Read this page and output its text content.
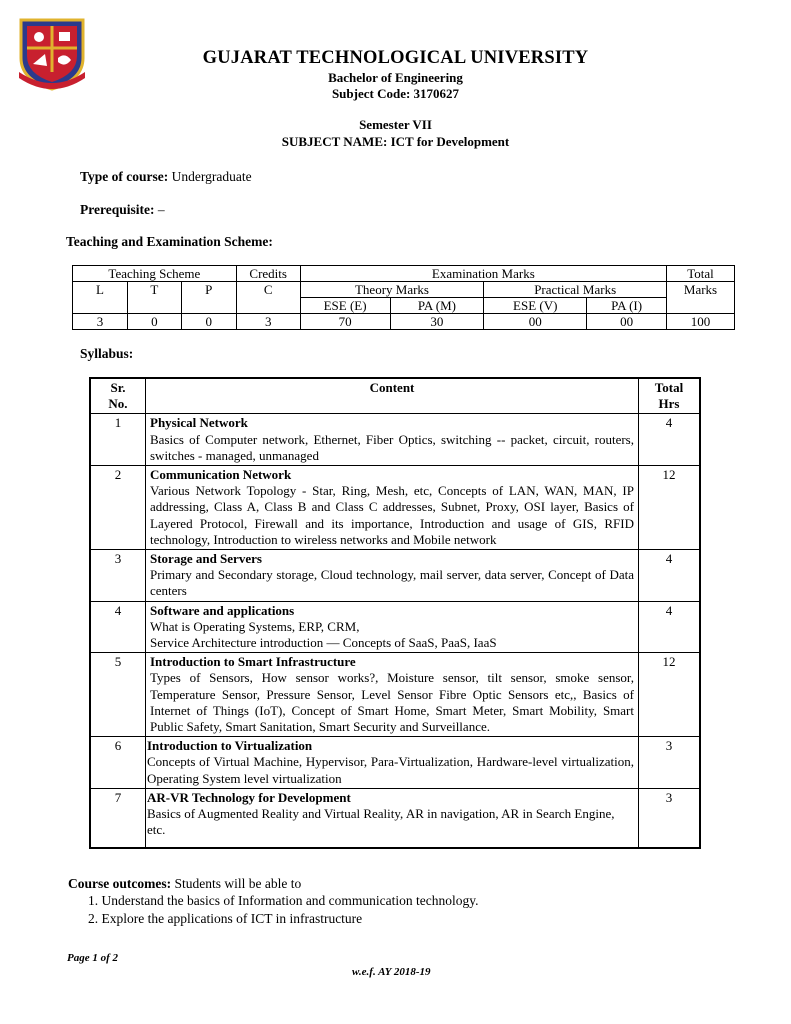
GUJARAT TECHNOLOGICAL UNIVERSITY
Bachelor of Engineering
Subject Code: 3170627
Semester VII
SUBJECT NAME: ICT for Development
Type of course: Undergraduate
Prerequisite: –
Teaching and Examination Scheme:
Teaching Scheme			Credits	Examination Marks				Total
L	T	P	C	Theory Marks		Practical Marks		Marks
				ESE (E)	PA (M)	ESE (V)	PA (I)	
3	0	0	3	70	30	00	00	100
Syllabus:
Sr.
No.	Content	Total
Hrs
1	Physical Network
Basics of Computer network, Ethernet, Fiber Optics, switching -- packet, circuit, routers, switches - managed, unmanaged	4
2	Communication Network
Various Network Topology - Star, Ring, Mesh, etc, Concepts of LAN, WAN, MAN, IP addressing, Class A, Class B and Class C addresses, Subnet, Proxy, OSI layer, Basics of Layered Protocol, Firewall and its importance, Introduction and usage of GIS, RFID technology, Introduction to wireless networks and Mobile network	12
3	Storage and Servers
Primary and Secondary storage, Cloud technology, mail server, data server, Concept of Data centers	4
4	Software and applications
What is Operating Systems, ERP, CRM,
Service Architecture introduction — Concepts of SaaS, PaaS, IaaS	4
5	Introduction to Smart Infrastructure
Types of Sensors, How sensor works?, Moisture sensor, tilt sensor, smoke sensor, Temperature Sensor, Pressure Sensor, Level Sensor Fibre Optic Sensors etc,, Basics of Internet of Things (IoT), Concept of Smart Home, Smart Meter, Smart Mobility, Smart Public Safety, Smart Sanitation, Smart Security and Surveillance.	12
6	Introduction to Virtualization
Concepts of Virtual Machine, Hypervisor, Para-Virtualization, Hardware-level virtualization, Operating System level virtualization	3
7	AR-VR Technology for Development
Basics of Augmented Reality and Virtual Reality, AR in navigation, AR in Search Engine, etc.	3
Course outcomes: Students will be able to
1. Understand the basics of Information and communication technology.
2. Explore the applications of ICT in infrastructure
Page 1 of 2
w.e.f. AY 2018-19
